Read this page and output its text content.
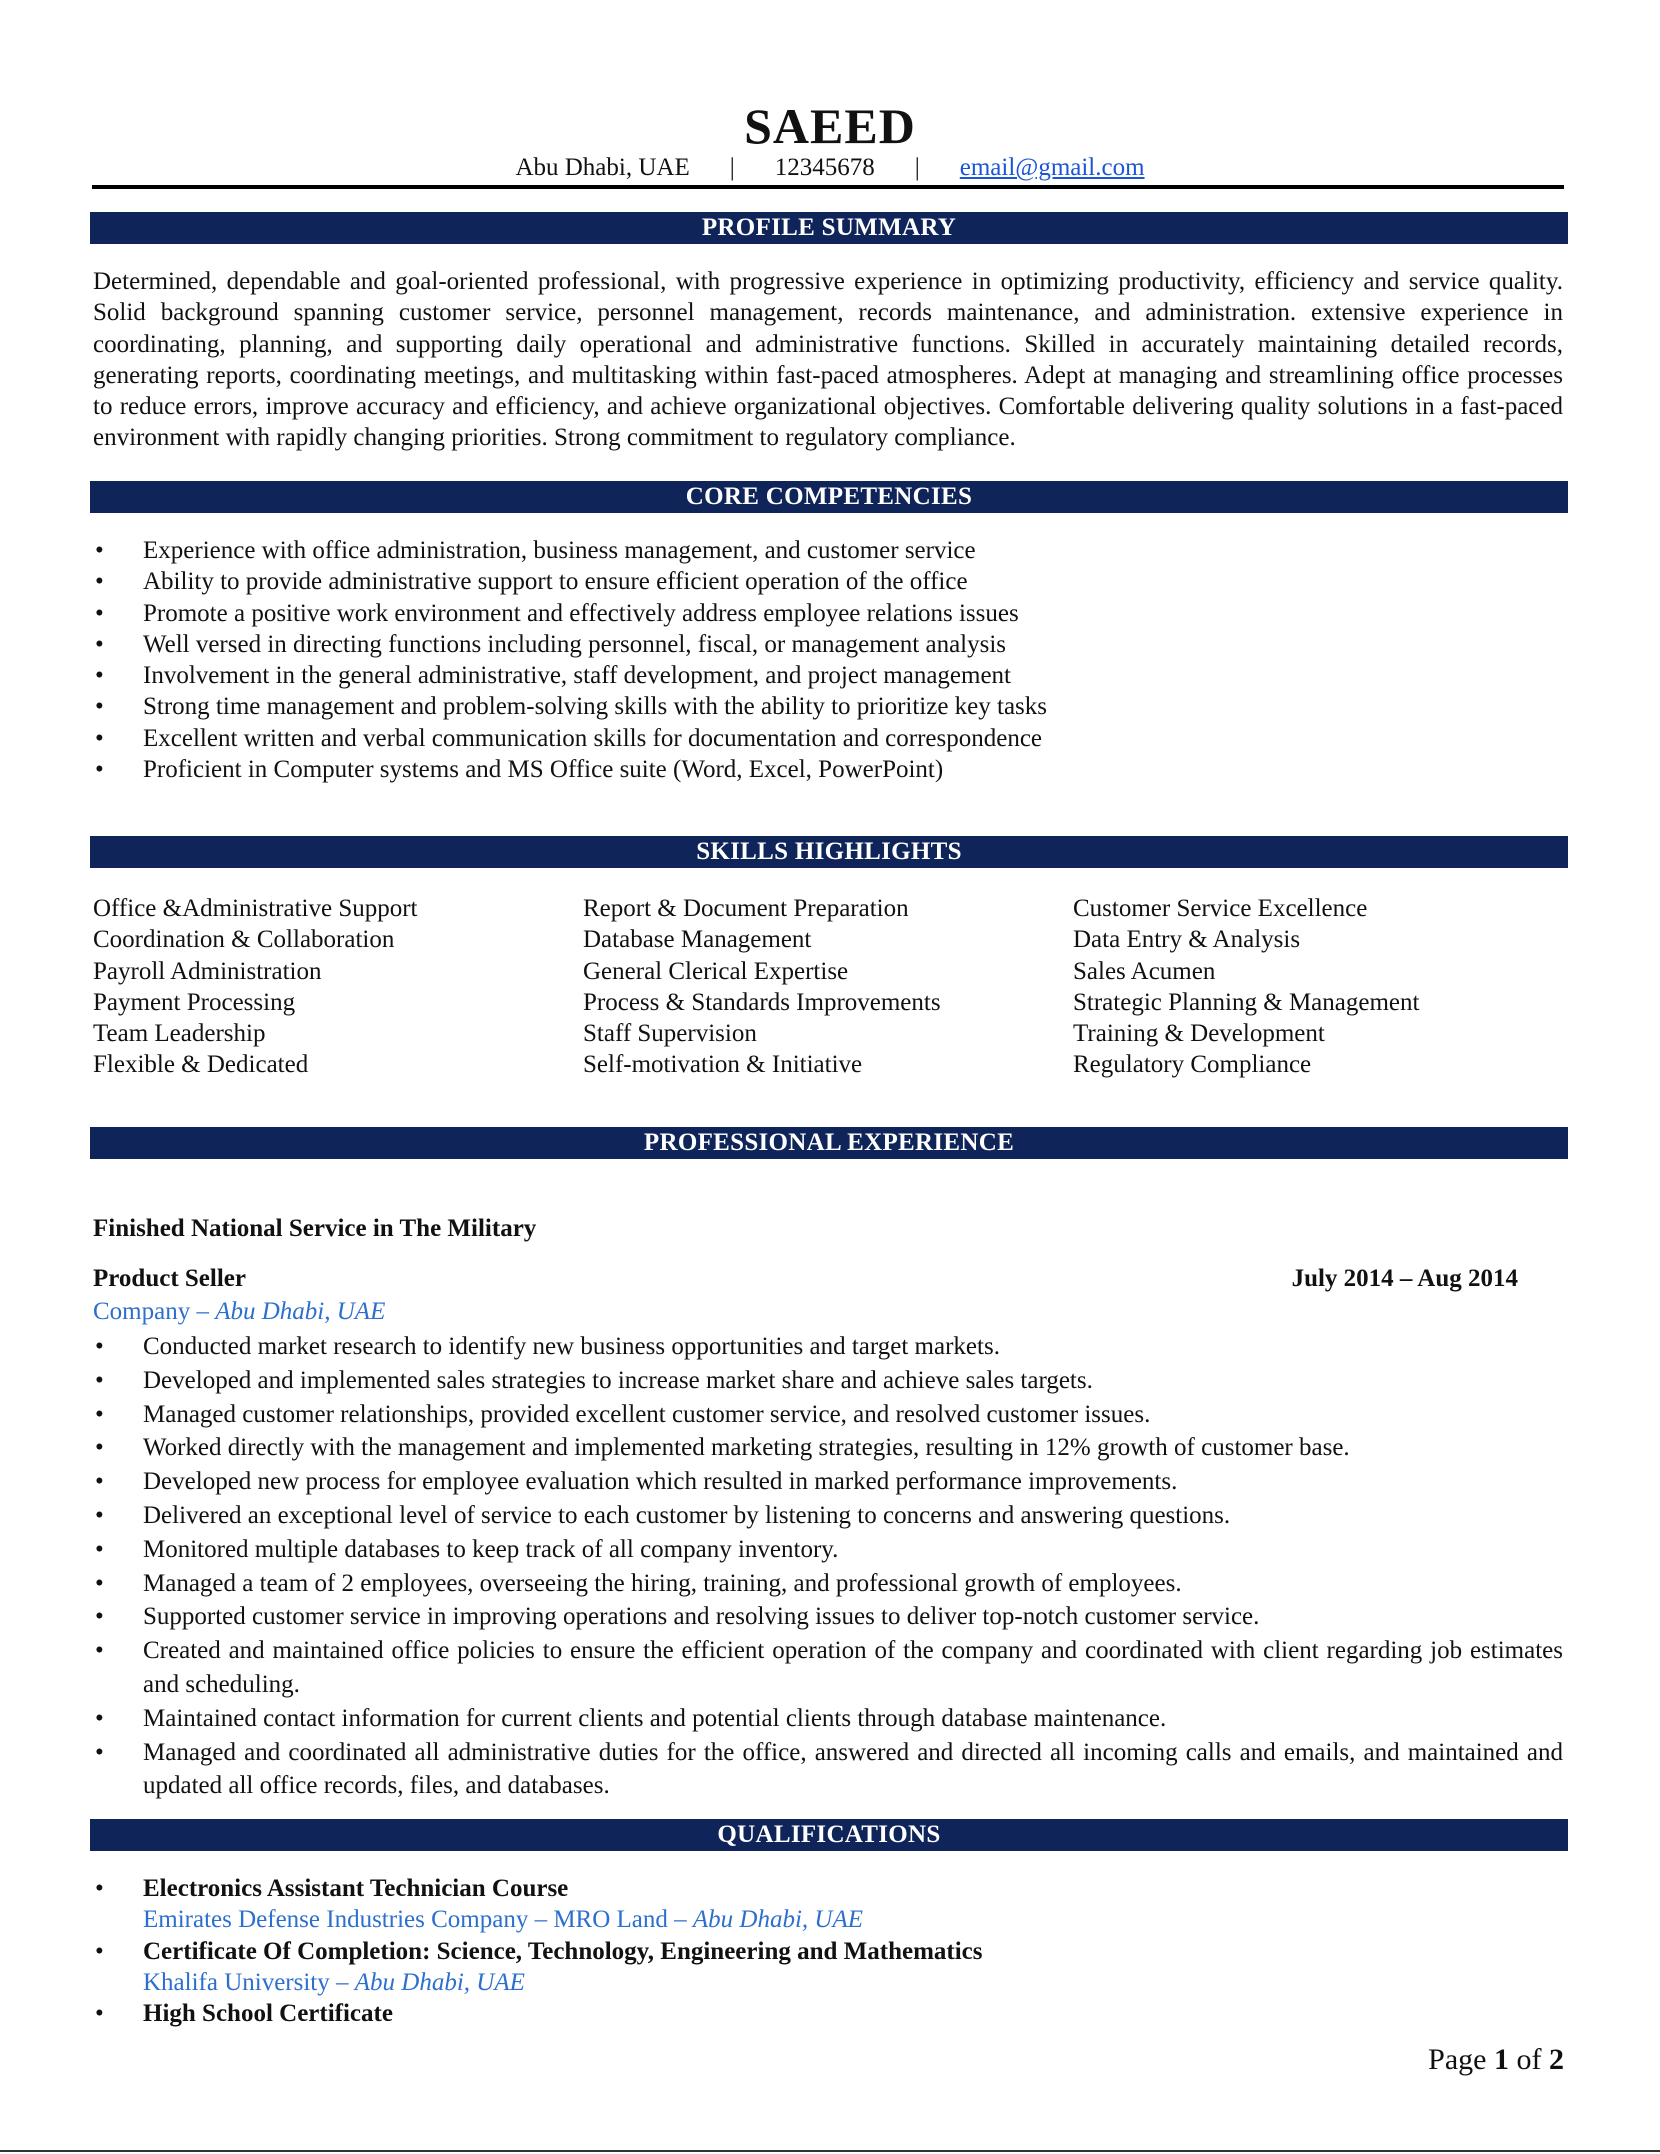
SAEED
Abu Dhabi, UAE | 12345678 | email@gmail.com
PROFILE SUMMARY

Determined, dependable and goal-oriented professional, with progressive experience in optimizing productivity, efficiency and service quality. Solid background spanning customer service, personnel management, records maintenance, and administration. extensive experience in coordinating, planning, and supporting daily operational and administrative functions. Skilled in accurately maintaining detailed records, generating reports, coordinating meetings, and multitasking within fast-paced atmospheres. Adept at managing and streamlining office processes to reduce errors, improve accuracy and efficiency, and achieve organizational objectives. Comfortable delivering quality solutions in a fast-paced environment with rapidly changing priorities. Strong commitment to regulatory compliance.

CORE COMPETENCIES
• Experience with office administration, business management, and customer service
• Ability to provide administrative support to ensure efficient operation of the office
• Promote a positive work environment and effectively address employee relations issues
• Well versed in directing functions including personnel, fiscal, or management analysis
• Involvement in the general administrative, staff development, and project management
• Strong time management and problem-solving skills with the ability to prioritize key tasks
• Excellent written and verbal communication skills for documentation and correspondence
• Proficient in Computer systems and MS Office suite (Word, Excel, PowerPoint)
SKILLS HIGHLIGHTS
Office &Administrative Support
Coordination & Collaboration
Payroll Administration
Payment Processing
Team Leadership
Flexible & Dedicated
Report & Document Preparation
Database Management
General Clerical Expertise
Process & Standards Improvements
Staff Supervision
Self-motivation & Initiative
Customer Service Excellence
Data Entry & Analysis
Sales Acumen
Strategic Planning & Management
Training & Development
Regulatory Compliance
PROFESSIONAL EXPERIENCE
Finished National Service in The Military
Product Seller	July 2014 – Aug 2014
Company – Abu Dhabi, UAE
• Conducted market research to identify new business opportunities and target markets.
• Developed and implemented sales strategies to increase market share and achieve sales targets.
• Managed customer relationships, provided excellent customer service, and resolved customer issues.
• Worked directly with the management and implemented marketing strategies, resulting in 12% growth of customer base.
• Developed new process for employee evaluation which resulted in marked performance improvements.
• Delivered an exceptional level of service to each customer by listening to concerns and answering questions.
• Monitored multiple databases to keep track of all company inventory.
• Managed a team of 2 employees, overseeing the hiring, training, and professional growth of employees.
• Supported customer service in improving operations and resolving issues to deliver top-notch customer service.
• Created and maintained office policies to ensure the efficient operation of the company and coordinated with client regarding job estimates and scheduling.
• Maintained contact information for current clients and potential clients through database maintenance.
• Managed and coordinated all administrative duties for the office, answered and directed all incoming calls and emails, and maintained and updated all office records, files, and databases.
QUALIFICATIONS
• Electronics Assistant Technician Course
Emirates Defense Industries Company – MRO Land – Abu Dhabi, UAE
• Certificate Of Completion: Science, Technology, Engineering and Mathematics
Khalifa University – Abu Dhabi, UAE
• High School Certificate
Page 1 of 2
